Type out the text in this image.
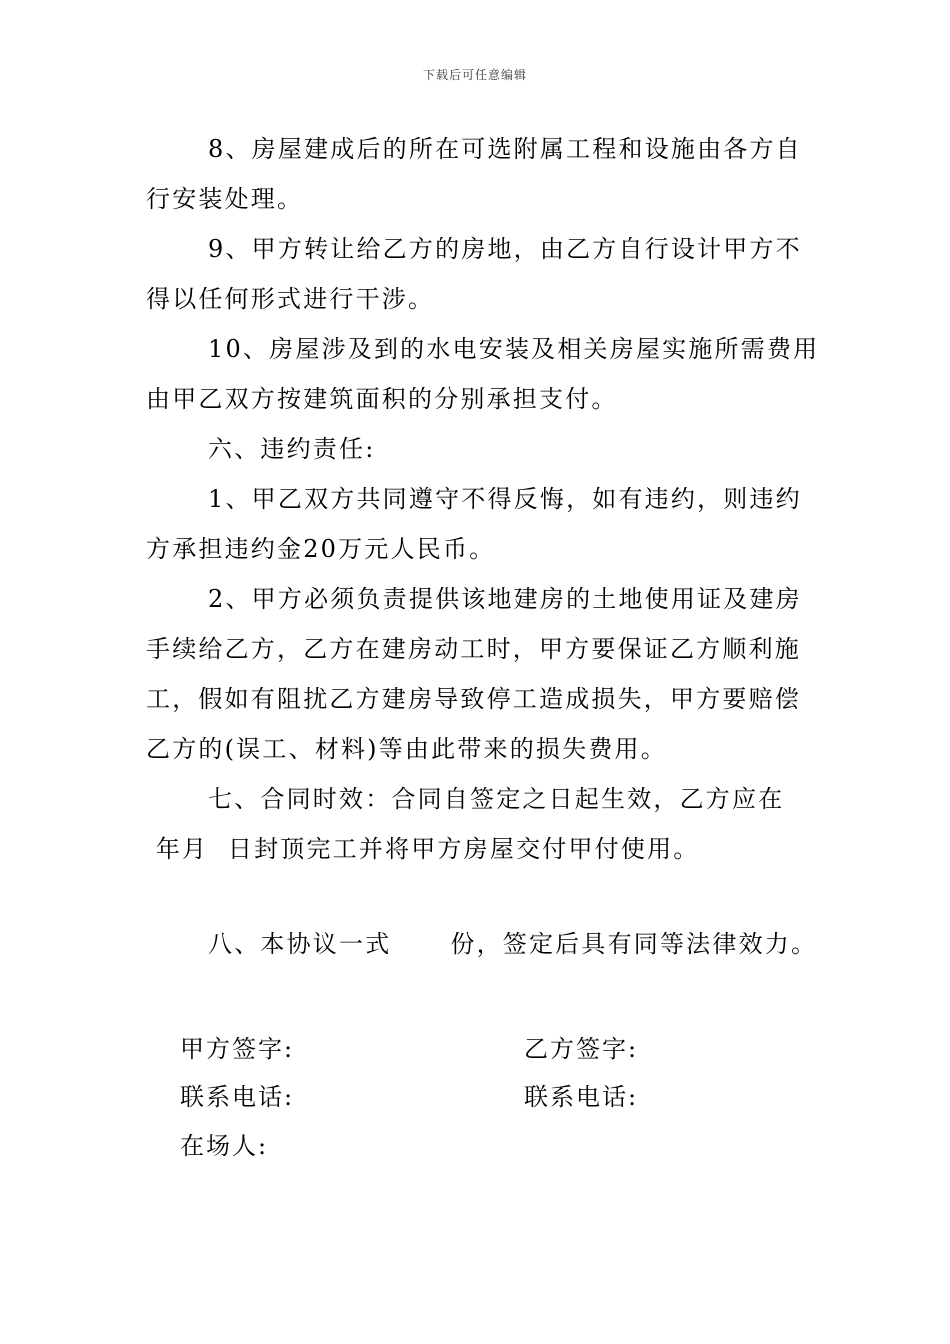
下载后可任意编辑
8、房屋建成后的所在可选附属工程和设施由各方自
行安装处理。
9、甲方转让给乙方的房地，由乙方自行设计甲方不
得以任何形式进行干涉。
10、房屋涉及到的水电安装及相关房屋实施所需费用
由甲乙双方按建筑面积的分别承担支付。
六、违约责任:
1、甲乙双方共同遵守不得反悔，如有违约，则违约
方承担违约金20万元人民币。
2、甲方必须负责提供该地建房的土地使用证及建房
手续给乙方，乙方在建房动工时，甲方要保证乙方顺利施
工，假如有阻扰乙方建房导致停工造成损失，甲方要赔偿
乙方的(误工、材料)等由此带来的损失费用。
七、合同时效：合同自签定之日起生效，乙方应在
年月  日封顶完工并将甲方房屋交付甲付使用。
八、本协议一式      份，签定后具有同等法律效力。
甲方签字:	乙方签字:
联系电话:	联系电话:
在场人:
